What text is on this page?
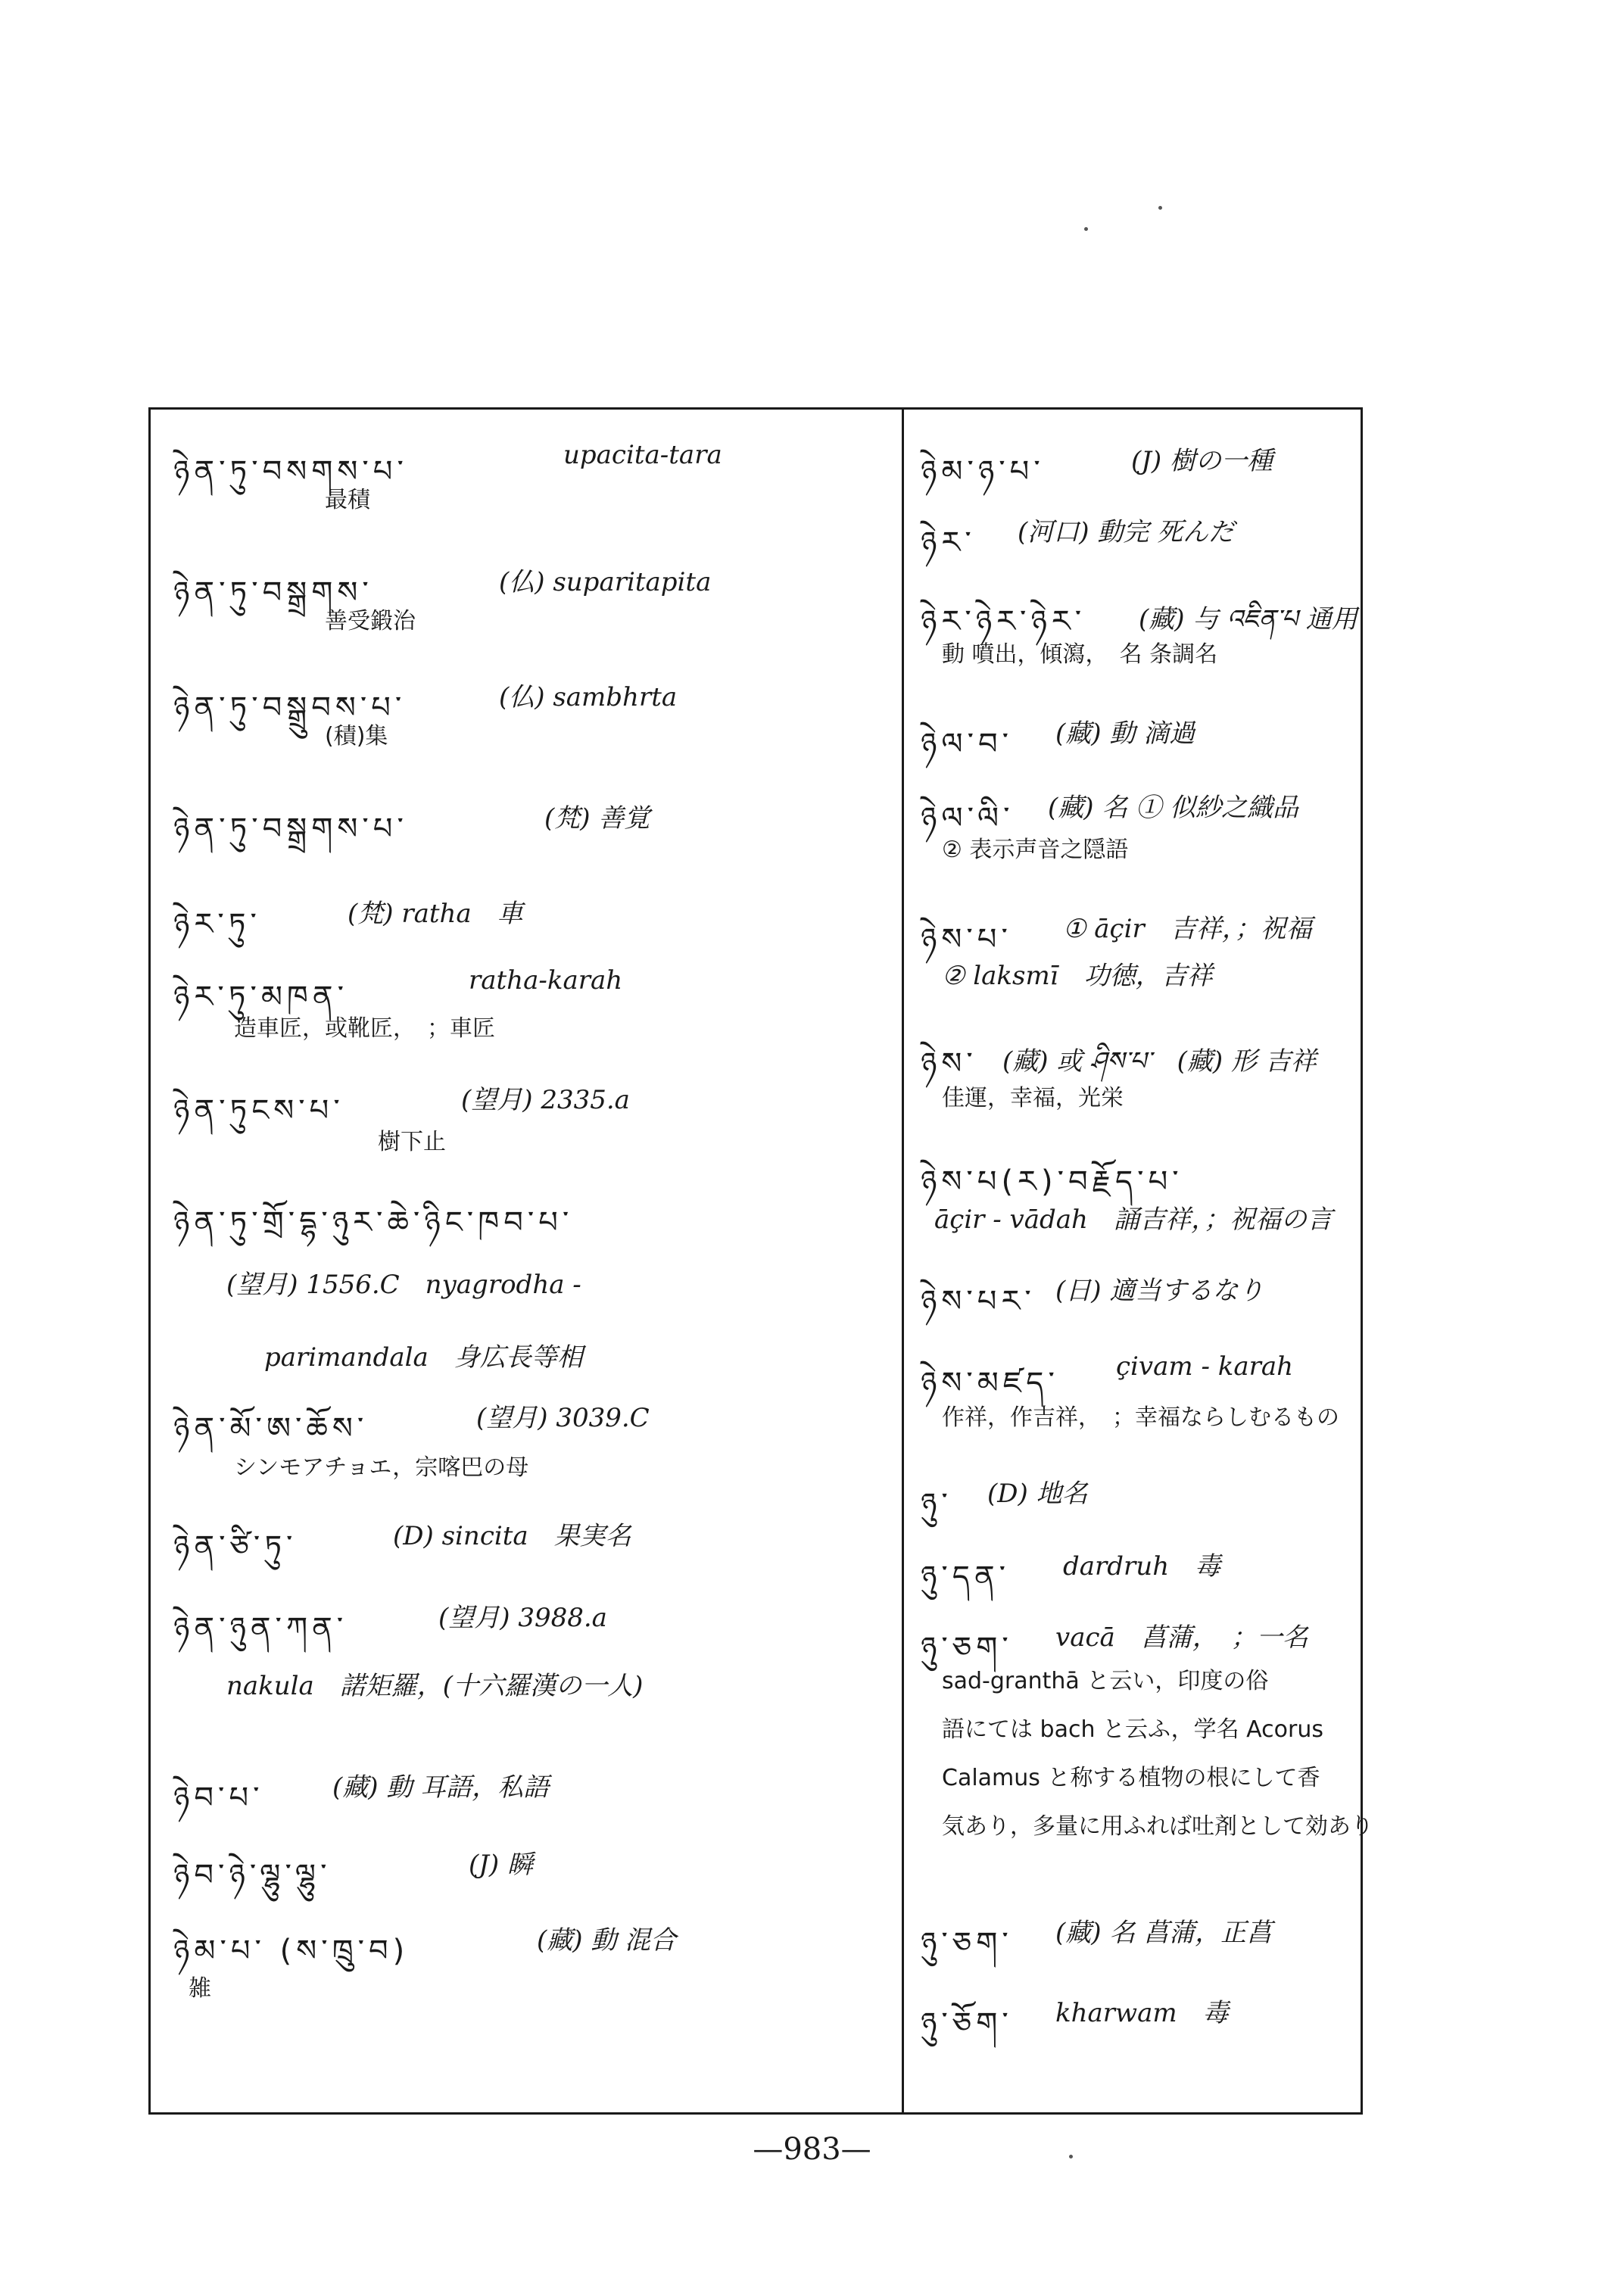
ཉེན་ཏུ་བསགས་པ་	upacita-tara
最積
ཉེན་ཏུ་བསྒྲགས་	(仏) suparitapita
善受鍛治
ཉེན་ཏུ་བསྒྲུབས་པ་	(仏) sambhrta
(積)集
ཉེན་ཏུ་བསྒྲགས་པ་	(梵) 善覚
ཉེར་ཏུ་	(梵) ratha　車
ཉེར་ཏུ་མཁན་	ratha-karah
造車匠，或靴匠，　；車匠
ཉེན་ཏུངས་པ་	(望月) 2335.a
樹下止
ཉེན་ཏུ་གྲོ་དྷ་ཉུར་ཆེ་ཉིང་ཁབ་པ་
(望月) 1556.C　nyagrodha -
parimandala　身広長等相
ཉེན་མོ་ཨ་ཆོས་	(望月) 3039.C
シンモアチョエ，宗喀巴の母
ཉེན་ཙི་ཏུ་	(D) sincita　果実名
ཉེན་ཉུན་ཀན་	(望月) 3988.a
nakula　諾矩羅，(十六羅漢の一人)
ཉེབ་པ་	(藏) 動 耳語，私語
ཉེབ་ཉེ་ལྷུ་ལྷུ་	(J) 瞬
ཉེམ་པ་ (ས་ཁྲུ་བ)	(藏) 動 混合
雑
ཉེམ་ཉ་པ་	(J) 樹の一種
ཉེར་ (河口) 動完 死んだ
ཉེར་ཉེར་ཉེར་ (藏) 与 འཇིན་པ 通用
動 噴出，傾瀉，　名 条調名
ཉེལ་བ་ (藏) 動 滴過
ཉེལ་ལི་ (藏) 名 ① 似紗之織品
② 表示声音之隠語
ཉེས་པ་ ① āçir　吉祥，；祝福
② laksmī　功徳，吉祥
ཉེས་ (藏) 或 ཤིས་པ་　(藏) 形 吉祥
佳運，幸福，光栄
ཉེས་པ(ར)་བརྗོད་པ་
āçir - vādah　誦吉祥，；祝福の言
ཉེས་པར་ (日) 適当するなり
ཉེས་མཛད་ çivam - karah
作祥，作吉祥，　；幸福ならしむるもの
ཉུ་ (D) 地名
ཉུ་དན་ dardruh　毒
ཉུ་ཅག་ vacā　菖蒲，　；一名
sad-granthā と云い，印度の俗
語にては bach と云ふ，学名 Acorus
Calamus と称する植物の根にして香
気あり，多量に用ふれば吐剤として効あり
ཉུ་ཅག་ (藏) 名 菖蒲，正菖
ཉུ་ཅོག་ kharwam　毒
—983—
